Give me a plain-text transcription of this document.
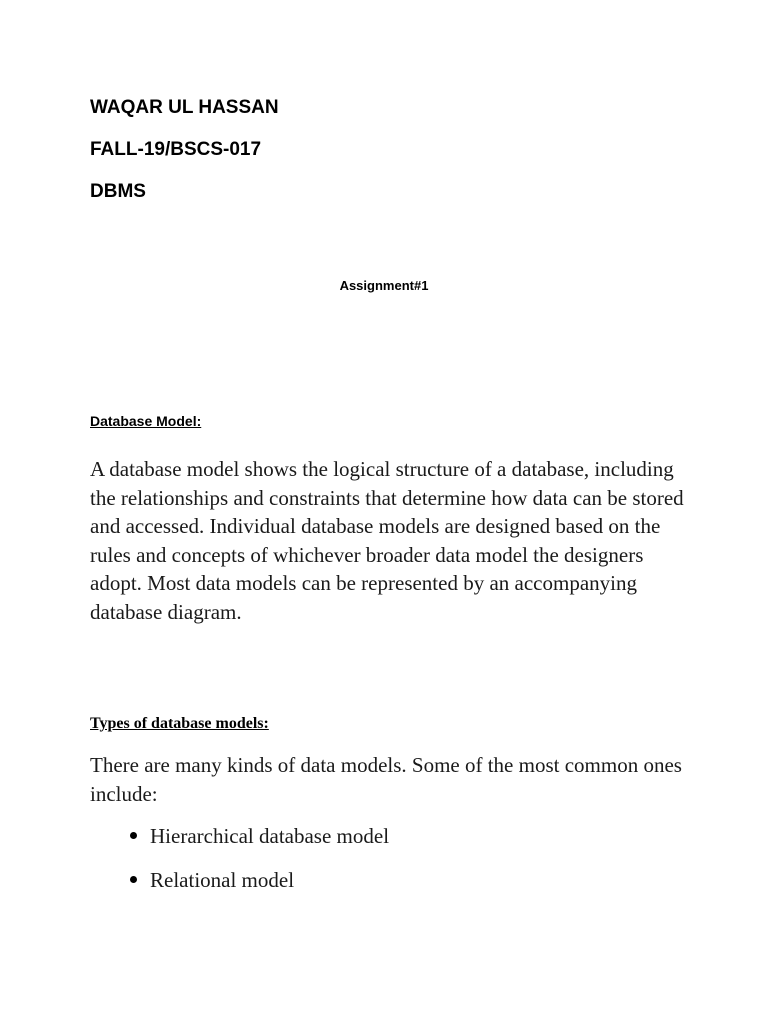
WAQAR UL HASSAN

FALL-19/BSCS-017

DBMS

Assignment#1

Database Model:

A database model shows the logical structure of a database, including the relationships and constraints that determine how data can be stored and accessed. Individual database models are designed based on the rules and concepts of whichever broader data model the designers adopt. Most data models can be represented by an accompanying database diagram.

Types of database models:

There are many kinds of data models. Some of the most common ones include:

Hierarchical database model
Relational model
